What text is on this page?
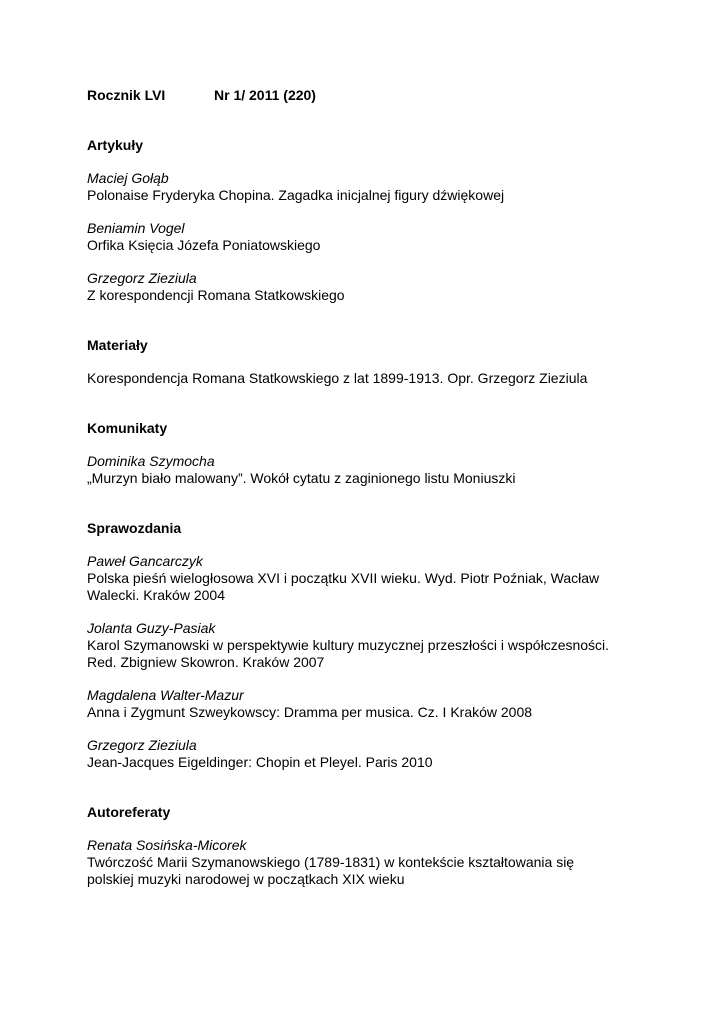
Rocznik LVI	Nr 1/ 2011 (220)

Artykuły

Maciej Gołąb

Polonaise Fryderyka Chopina. Zagadka inicjalnej figury dźwiękowej

Beniamin Vogel

Orfika Księcia Józefa Poniatowskiego

Grzegorz Zieziula

Z korespondencji Romana Statkowskiego

Materiały

Korespondencja Romana Statkowskiego z lat 1899-1913. Opr. Grzegorz Zieziula

Komunikaty

Dominika Szymocha

„Murzyn biało malowany”. Wokół cytatu z zaginionego listu Moniuszki

Sprawozdania

Paweł Gancarczyk

Polska pieśń wielogłosowa XVI i początku XVII wieku. Wyd. Piotr Poźniak, Wacław

Walecki. Kraków 2004

Jolanta Guzy-Pasiak

Karol Szymanowski w perspektywie kultury muzycznej przeszłości i współczesności.

Red. Zbigniew Skowron. Kraków 2007

Magdalena Walter-Mazur

Anna i Zygmunt Szweykowscy: Dramma per musica. Cz. I Kraków 2008

Grzegorz Zieziula

Jean-Jacques Eigeldinger: Chopin et Pleyel. Paris 2010

Autoreferaty

Renata Sosińska-Micorek

Twórczość Marii Szymanowskiego (1789-1831) w kontekście kształtowania się

polskiej muzyki narodowej w początkach XIX wieku
